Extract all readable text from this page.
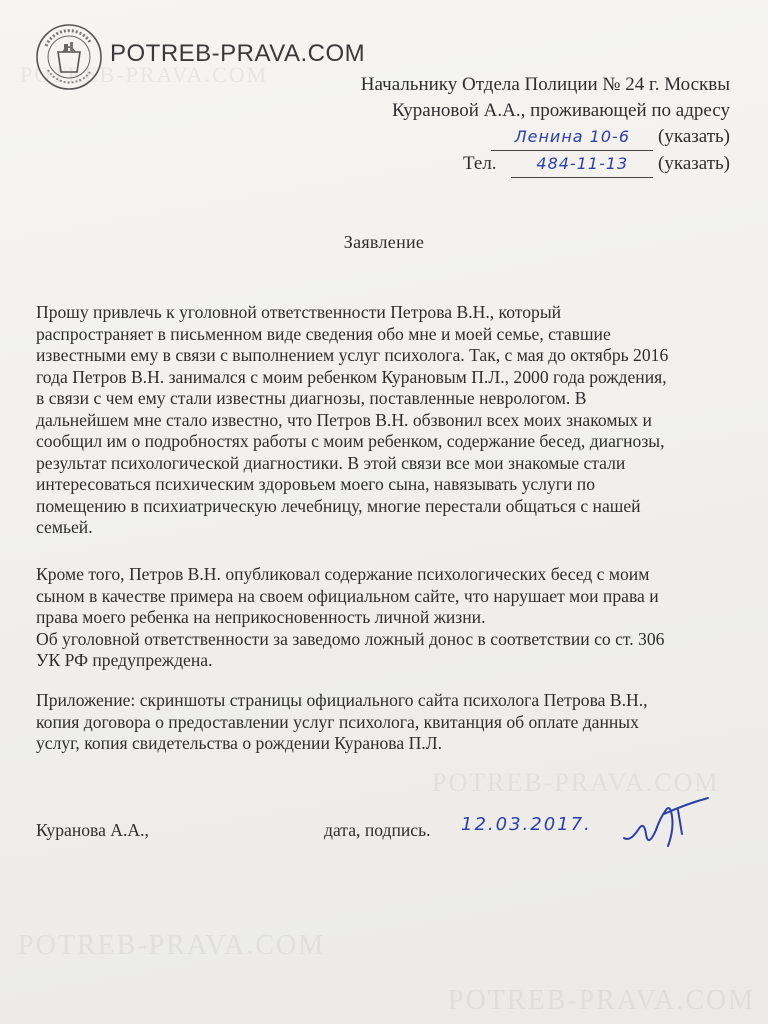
POTREB-PRAVA.COM
POTREB-PRAVA.COM
POTREB-PRAVA.COM
POTREB-PRAVA.COM
POTREB-PRAVA.COM
Начальнику Отдела Полиции № 24 г. Москвы
Курановой А.А., проживающей по адресу
Ленина 10-6 (указать)
Тел. 484-11-13 (указать)
Заявление
Прошу привлечь к уголовной ответственности Петрова В.Н., который
распространяет в письменном виде сведения обо мне и моей семье, ставшие
известными ему в связи с выполнением услуг психолога. Так, с мая до октябрь 2016
года Петров В.Н. занимался с моим ребенком Курановым П.Л., 2000 года рождения,
в связи с чем ему стали известны диагнозы, поставленные неврологом. В
дальнейшем мне стало известно, что Петров В.Н. обзвонил всех моих знакомых и
сообщил им о подробностях работы с моим ребенком, содержание бесед, диагнозы,
результат психологической диагностики. В этой связи все мои знакомые стали
интересоваться психическим здоровьем моего сына, навязывать услуги по
помещению в психиатрическую лечебницу, многие перестали общаться с нашей
семьей.
Кроме того, Петров В.Н. опубликовал содержание психологических бесед с моим
сыном в качестве примера на своем официальном сайте, что нарушает мои права и
права моего ребенка на неприкосновенность личной жизни.
Об уголовной ответственности за заведомо ложный донос в соответствии со ст. 306
УК РФ предупреждена.
Приложение: скриншоты страницы официального сайта психолога Петрова В.Н.,
копия договора о предоставлении услуг психолога, квитанция об оплате данных
услуг, копия свидетельства о рождении Куранова П.Л.
Куранова А.А.,	дата, подпись. 12.03.2017.
